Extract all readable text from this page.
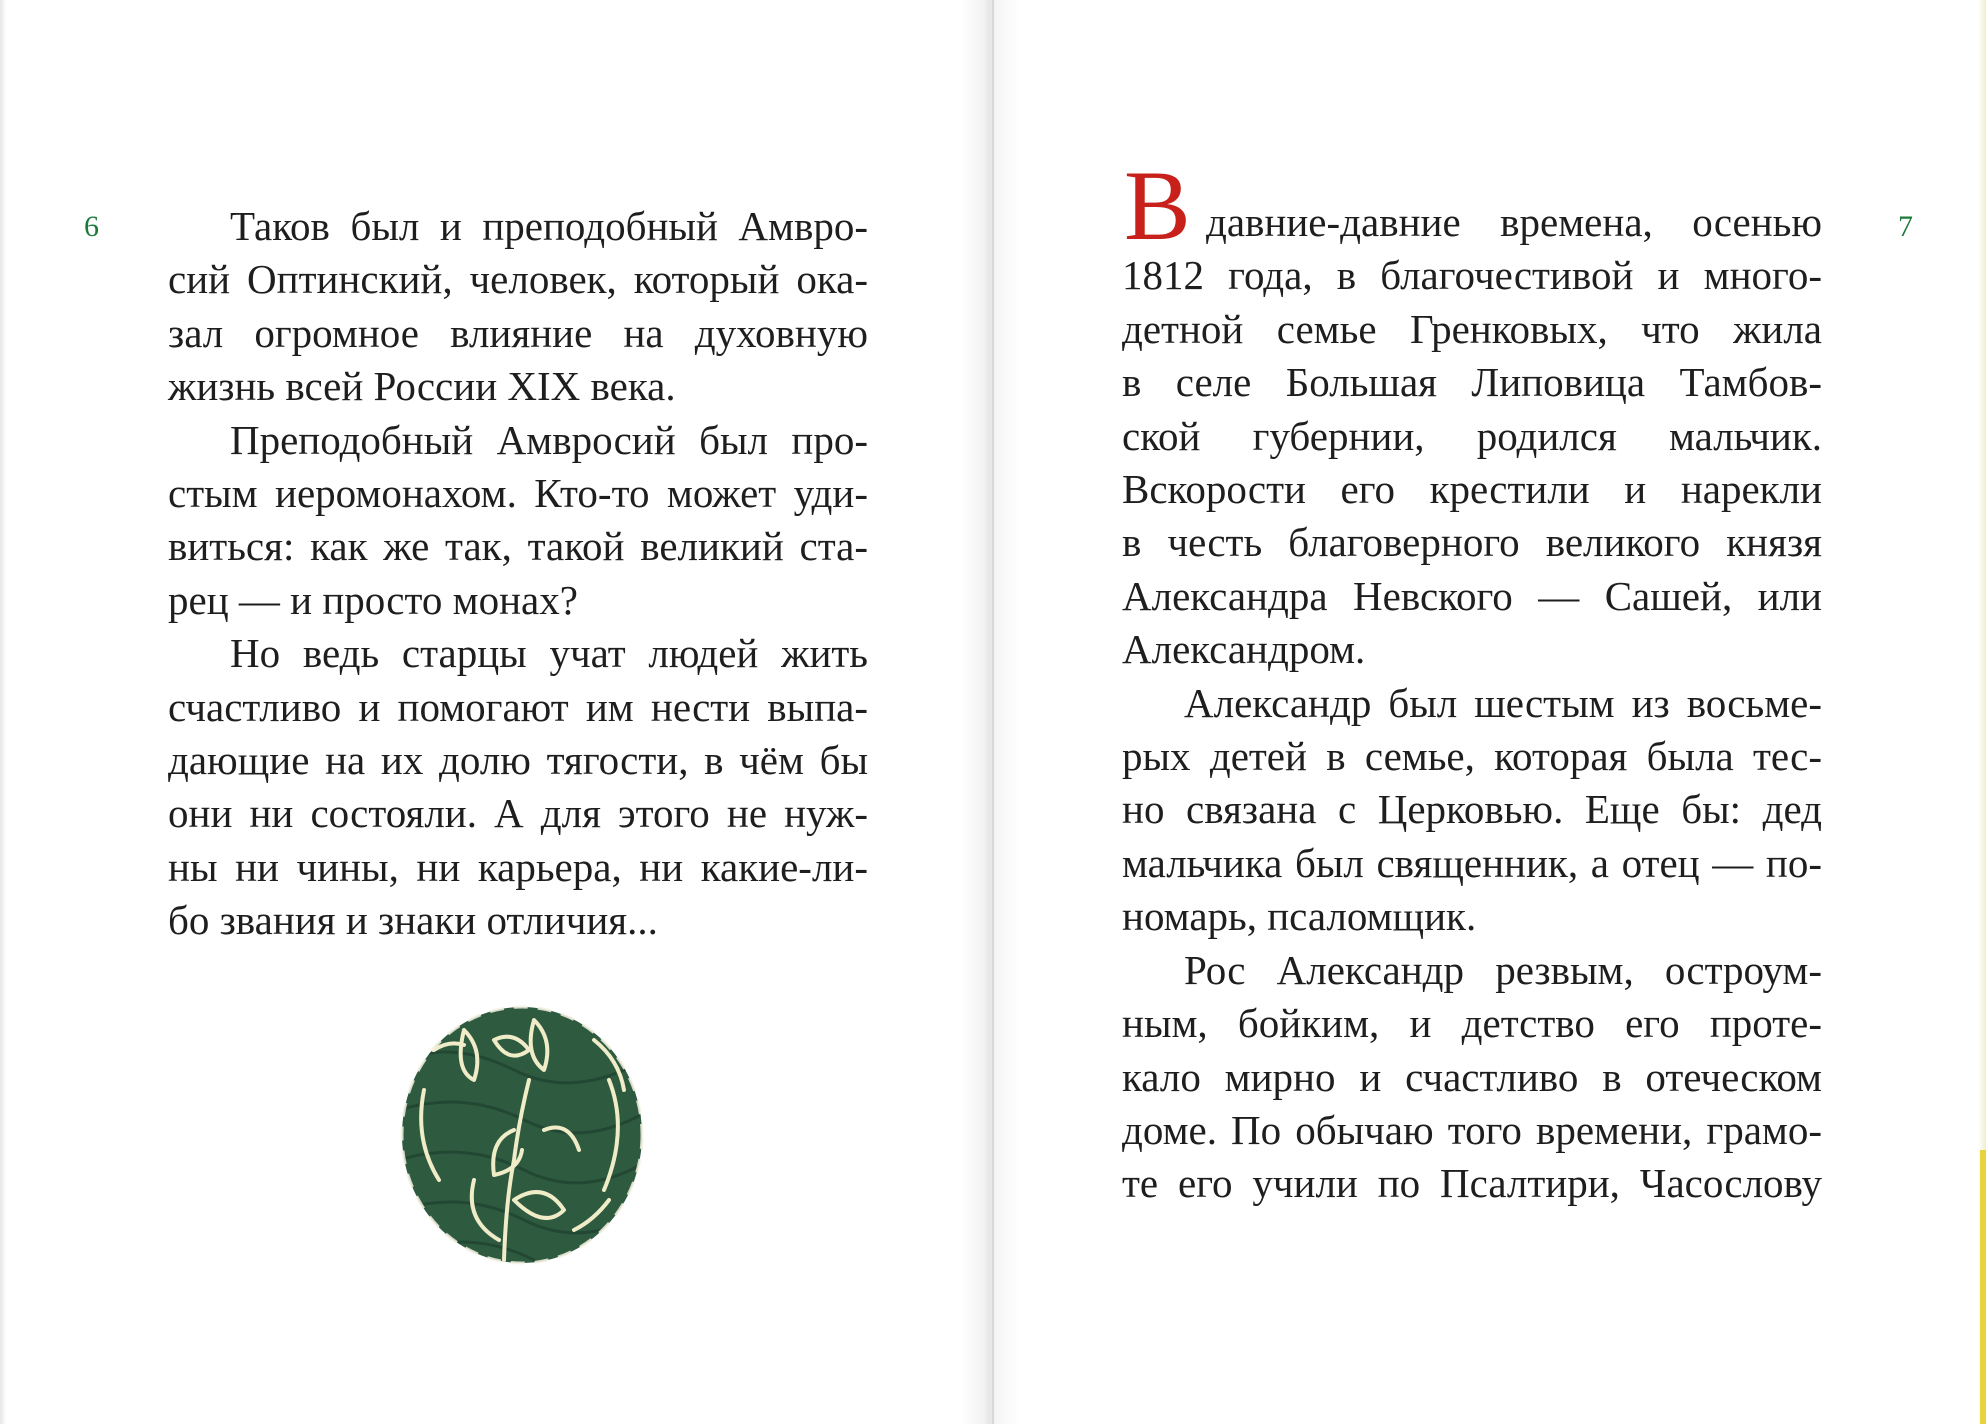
6	7
Таков был и преподобный Амвро-
сий Оптинский, человек, который ока-
зал огромное влияние на духовную
жизнь всей России XIX века.
Преподобный Амвросий был про-
стым иеромонахом. Кто-то может уди-
виться: как же так, такой великий ста-
рец — и просто монах?
Но ведь старцы учат людей жить
счастливо и помогают им нести выпа-
дающие на их долю тягости, в чём бы
они ни состояли. А для этого не нуж-
ны ни чины, ни карьера, ни какие-ли-
бо звания и знаки отличия...
В давние-давние времена, осенью
1812 года, в благочестивой и много-
детной семье Гренковых, что жила
в селе Большая Липовица Тамбов-
ской губернии, родился мальчик.
Вскорости его крестили и нарекли
в честь благоверного великого князя
Александра Невского — Сашей, или
Александром.
Александр был шестым из восьме-
рых детей в семье, которая была тес-
но связана с Церковью. Еще бы: дед
мальчика был священник, а отец — по-
номарь, псаломщик.
Рос Александр резвым, остроум-
ным, бойким, и детство его проте-
кало мирно и счастливо в отеческом
доме. По обычаю того времени, грамо-
те его учили по Псалтири, Часослову
